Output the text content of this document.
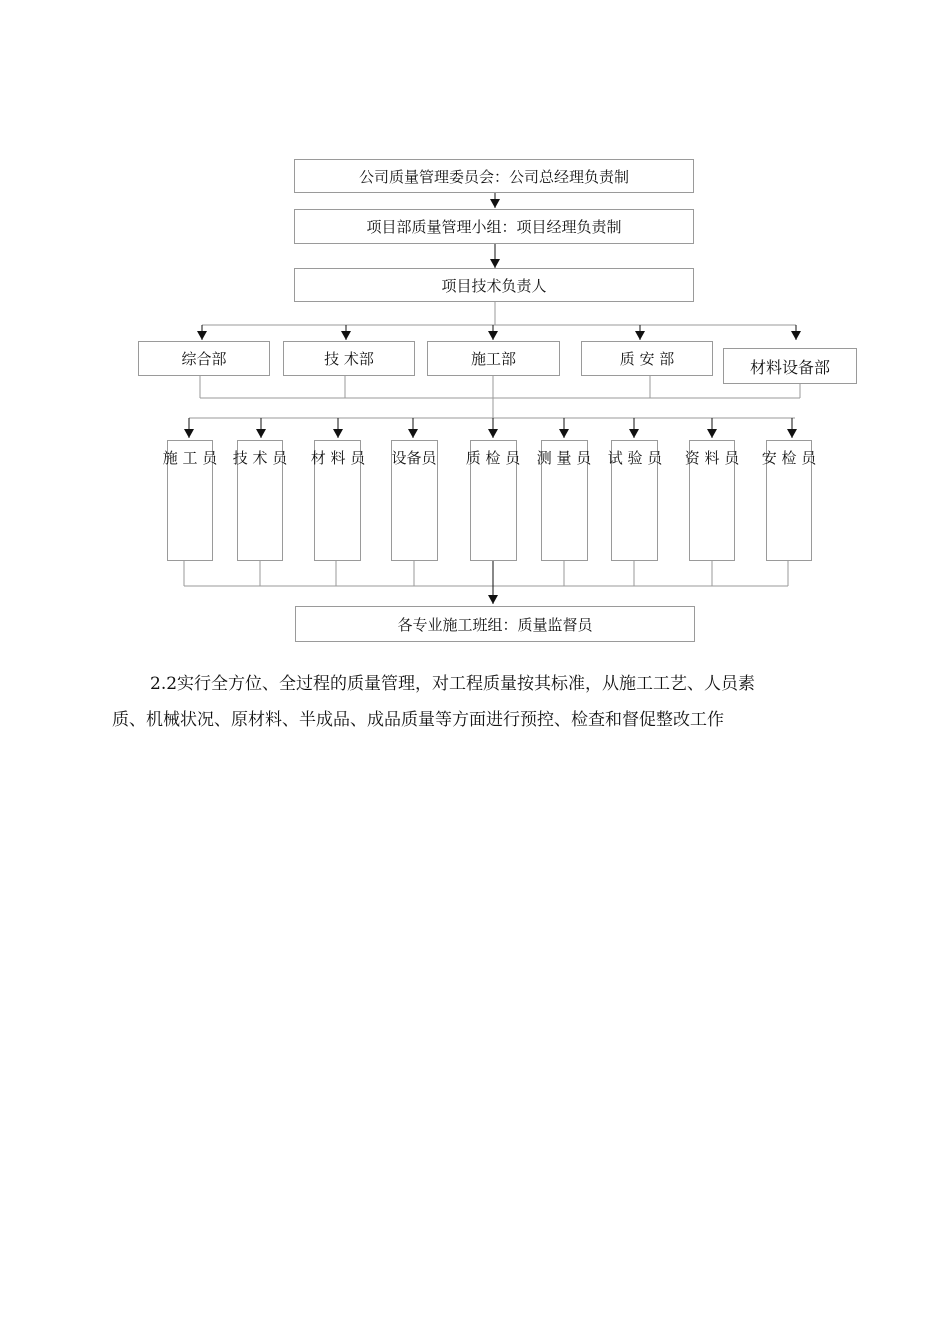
公司质量管理委员会：公司总经理负责制
项目部质量管理小组：项目经理负责制
项目技术负责人
综合部	技 术部	施工部	质 安 部	材料设备部
施 工 员	技 术 员	材 料 员	设备员	质 检 员	测 量 员	试 验 员	资 料 员	安 检 员
各专业施工班组：质量监督员
2.2实行全方位、全过程的质量管理，对工程质量按其标准，从施工工艺、人员素
质、机械状况、原材料、半成品、成品质量等方面进行预控、检查和督促整改工作
